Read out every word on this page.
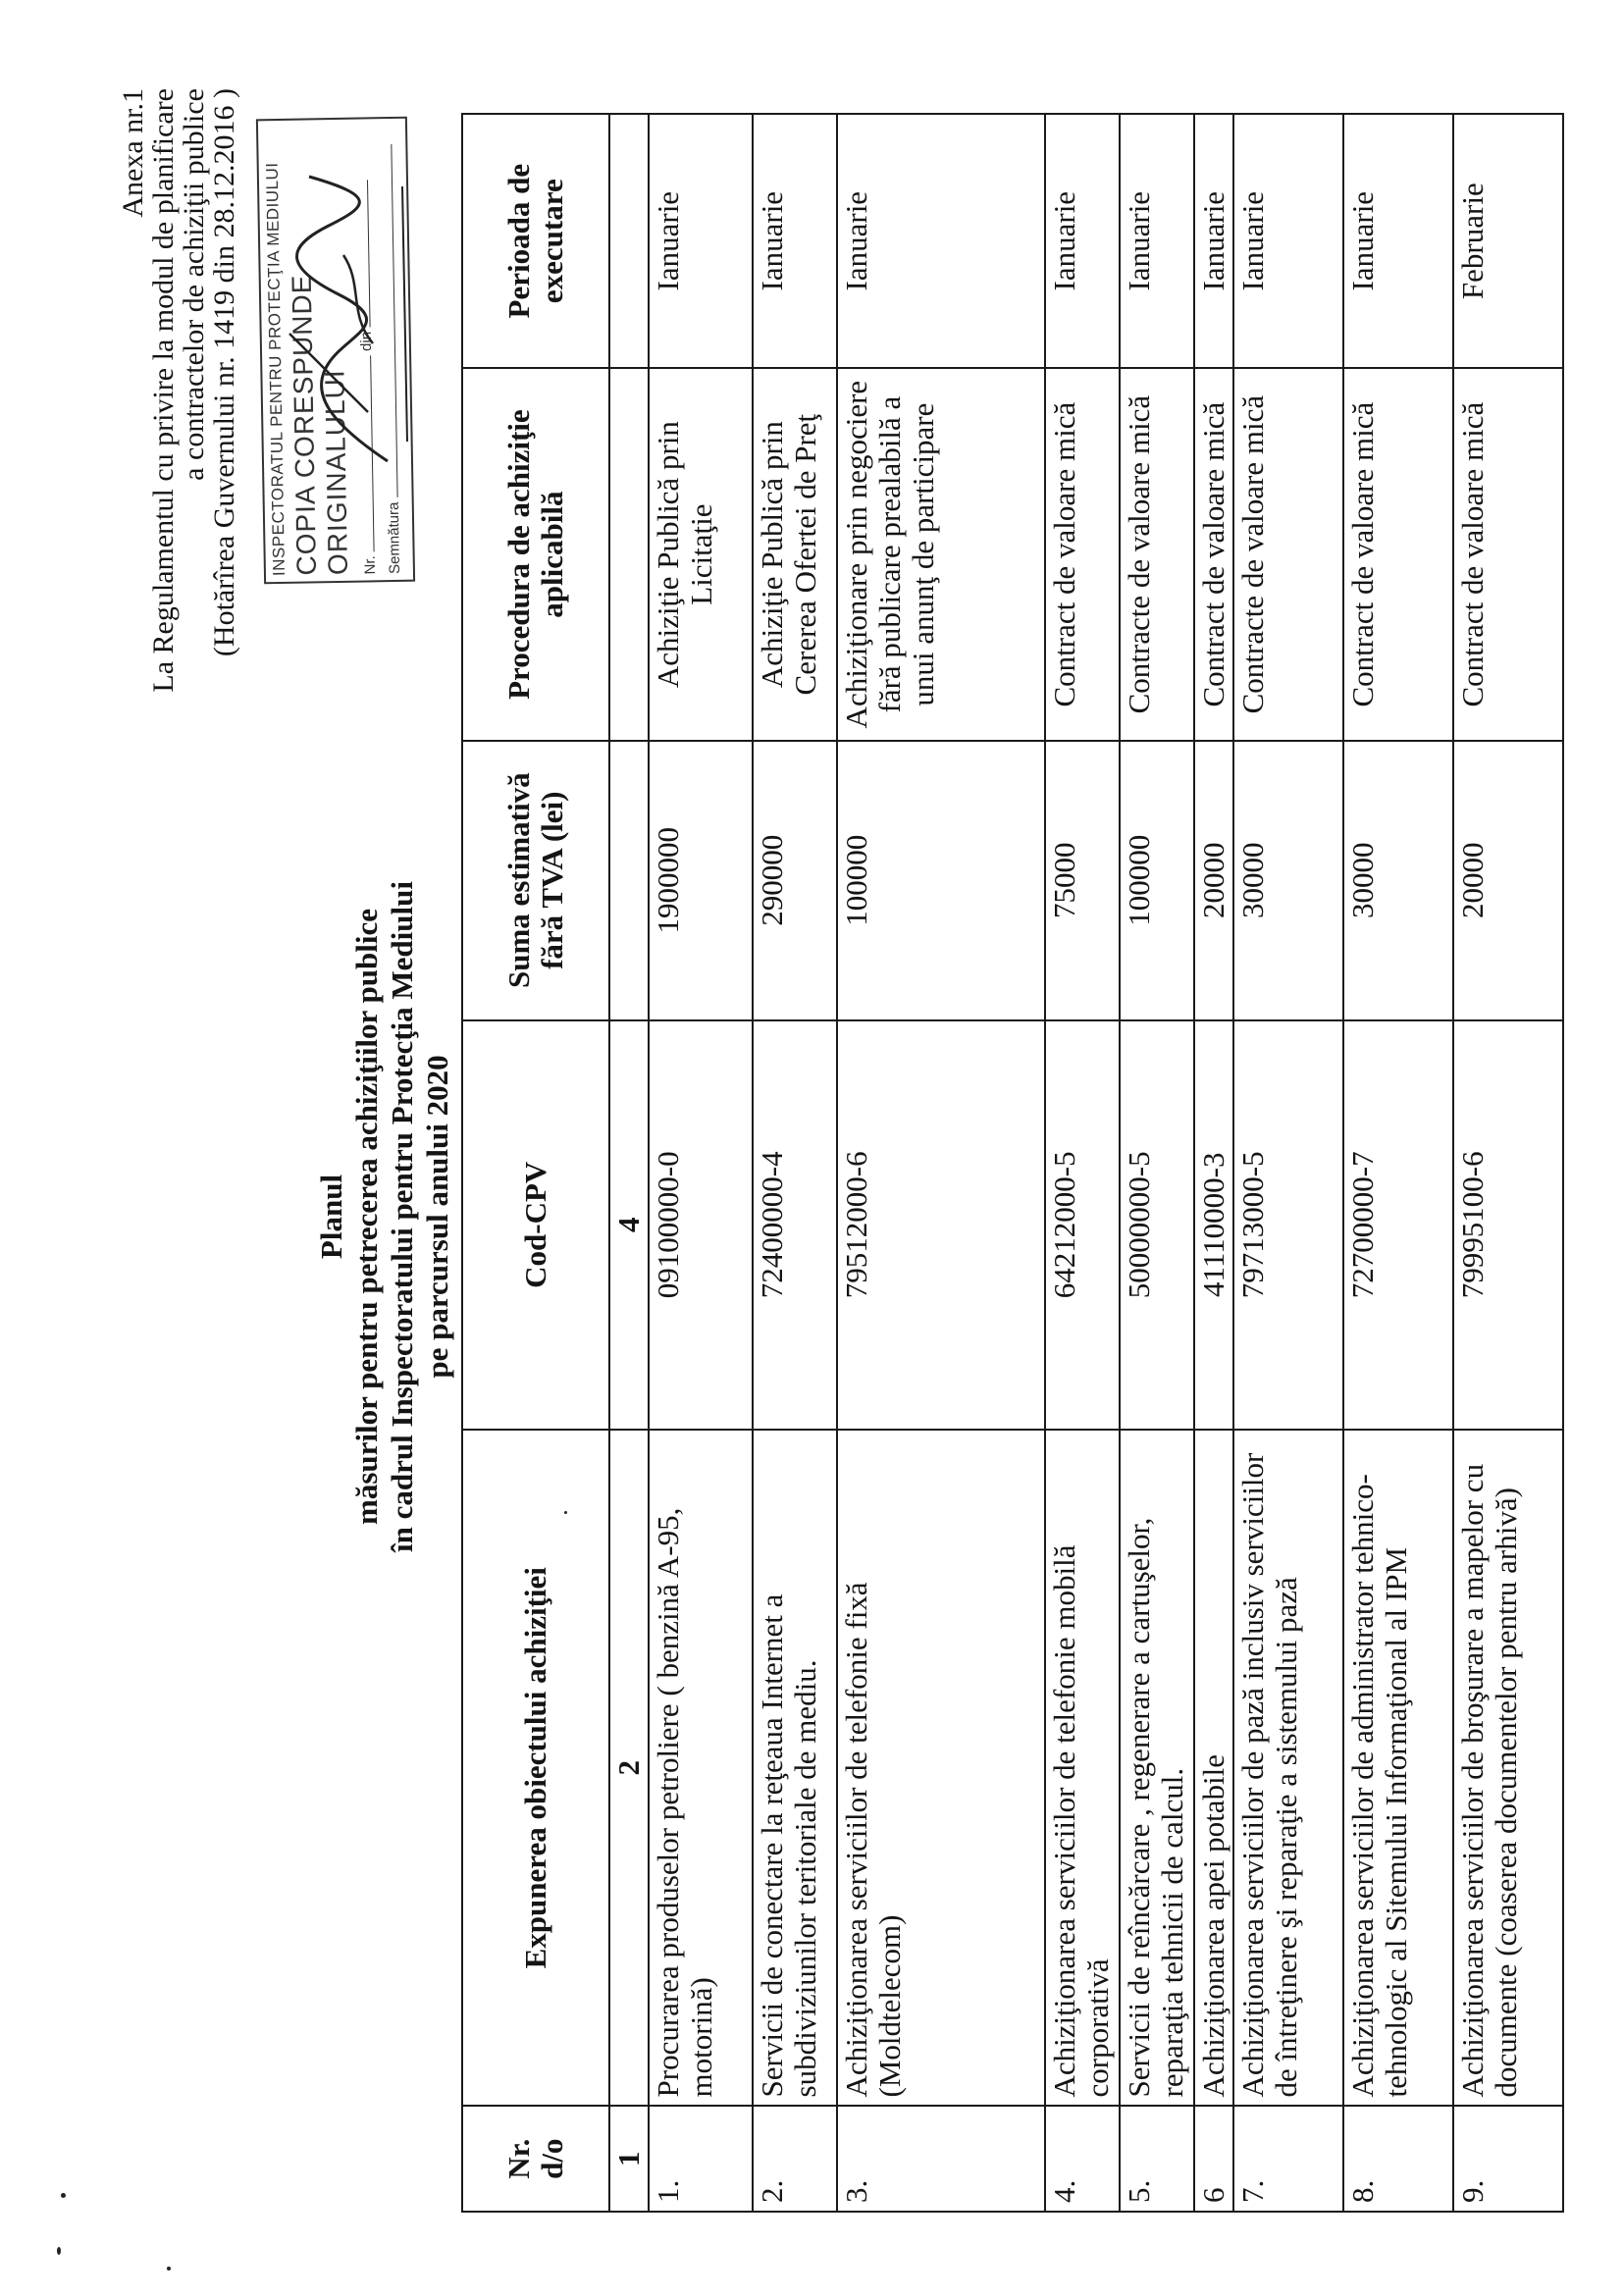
Anexa nr.1
La Regulamentul cu privire la modul de planificare
a contractelor de achiziţii publice
(Hotărîrea Guvernului nr. 1419 din 28.12.2016 ) INSPECTORATUL PENTRU PROTECŢIA MEDIULUI
COPIA CORESPUNDE ORIGINALULUI Nr.  din
Semnătura
Planul măsurilor pentru petrecerea achiziţiilor publice în cadrul Inspectoratului pentru Protecţia Mediului pe parcursul anului 2020
Nr. d/o	Expunerea obiectului achiziţiei	Cod-CPV	Suma estimativă fără TVA (lei)	Procedura de achiziţie aplicabilă	Perioada de executare
1	2	4			
1.	Procurarea produselor petroliere ( benzină A-95, motorină)	09100000-0	1900000	Achiziţie Publică prin Licitaţie	Ianuarie
2.	Servicii de conectare la reţeaua Internet a subdiviziunilor teritoriale de mediu.	72400000-4	290000	Achiziţie Publică prin Cererea Ofertei de Preţ	Ianuarie
3.	Achiziţionarea serviciilor de telefonie fixă (Moldtelecom)	79512000-6	100000	Achiziţionare prin negociere fără publicare prealabilă a unui anunţ de participare	Ianuarie
4.	Achiziţionarea serviciilor de telefonie mobilă corporativă	64212000-5	75000	Contract de valoare mică	Ianuarie
5.	Servicii de reîncărcare , regenerare a cartuşelor, reparaţia tehnicii de calcul.	50000000-5	100000	Contracte de valoare mică	Ianuarie
6	Achiziţionarea apei potabile	41110000-3	20000	Contract de valoare mică	Ianuarie
7.	Achiziţionarea serviciilor de pază inclusiv serviciilor de întreţinere şi reparaţie a sistemului pază	79713000-5	30000	Contracte de valoare mică	Ianuarie
8.	Achiziţionarea serviciilor de administrator tehnico-tehnologic al Sitemului Informaţional al IPM	72700000-7	30000	Contract de valoare mică	Ianuarie
9.	Achiziţionarea serviciilor de broşurare a mapelor cu documente (coaserea documentelor pentru arhivă)	79995100-6	20000	Contract de valoare mică	Februarie
